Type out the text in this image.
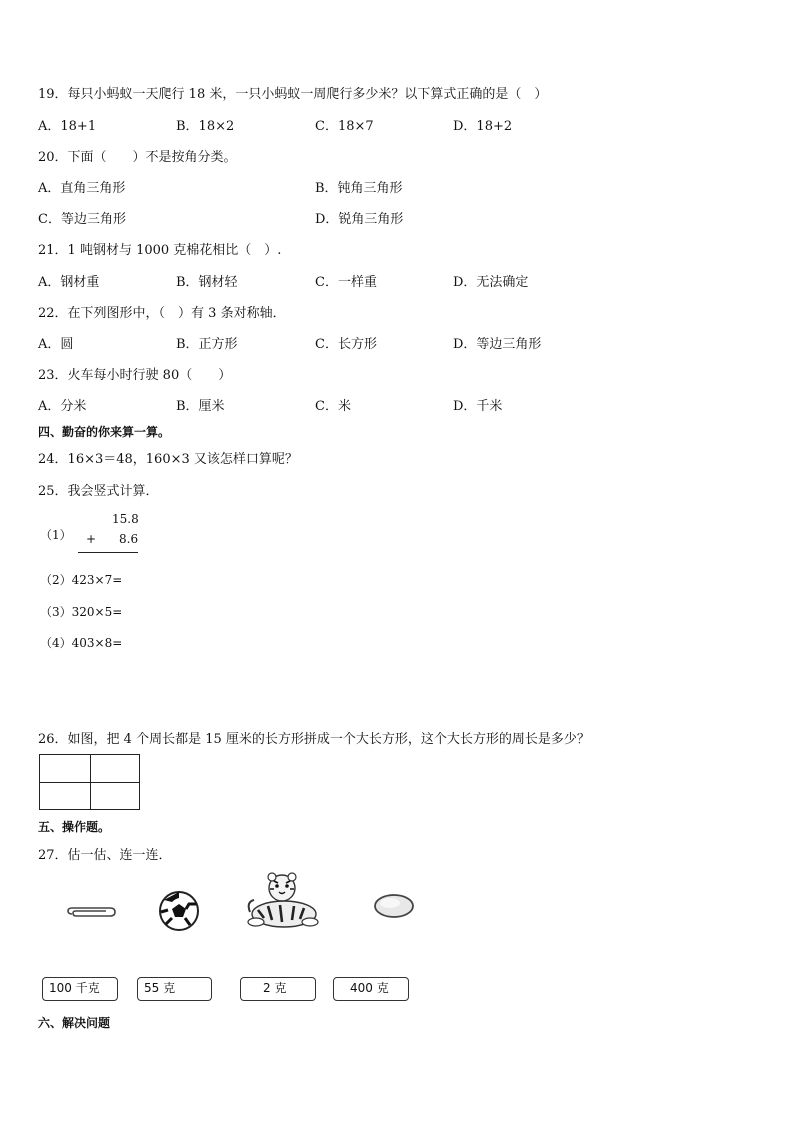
19．每只小蚂蚁一天爬行 18 米，一只小蚂蚁一周爬行多少米？以下算式正确的是（　）
A．18+1	B．18×2	C．18×7	D．18+2
20．下面（　　）不是按角分类。
A．直角三角形	B．钝角三角形
C．等边三角形	D．锐角三角形
21．1 吨钢材与 1000 克棉花相比（　）.
A．钢材重	B．钢材轻	C．一样重	D．无法确定
22．在下列图形中，（　）有 3 条对称轴．
A．圆	B．正方形	C．长方形	D．等边三角形
23．火车每小时行驶 80（　　）
A．分米	B．厘米	C．米	D．千米
四、勤奋的你来算一算。
24．16×3＝48，160×3 又该怎样口算呢？
25．我会竖式计算．
（1）
15.8
+ 8.6
（2）423×7=
（3）320×5=
（4）403×8=
26．如图，把 4 个周长都是 15 厘米的长方形拼成一个大长方形，这个大长方形的周长是多少？
五、操作题。
27．估一估、连一连．
100 千克	55 克	2 克	400 克
六、解决问题
